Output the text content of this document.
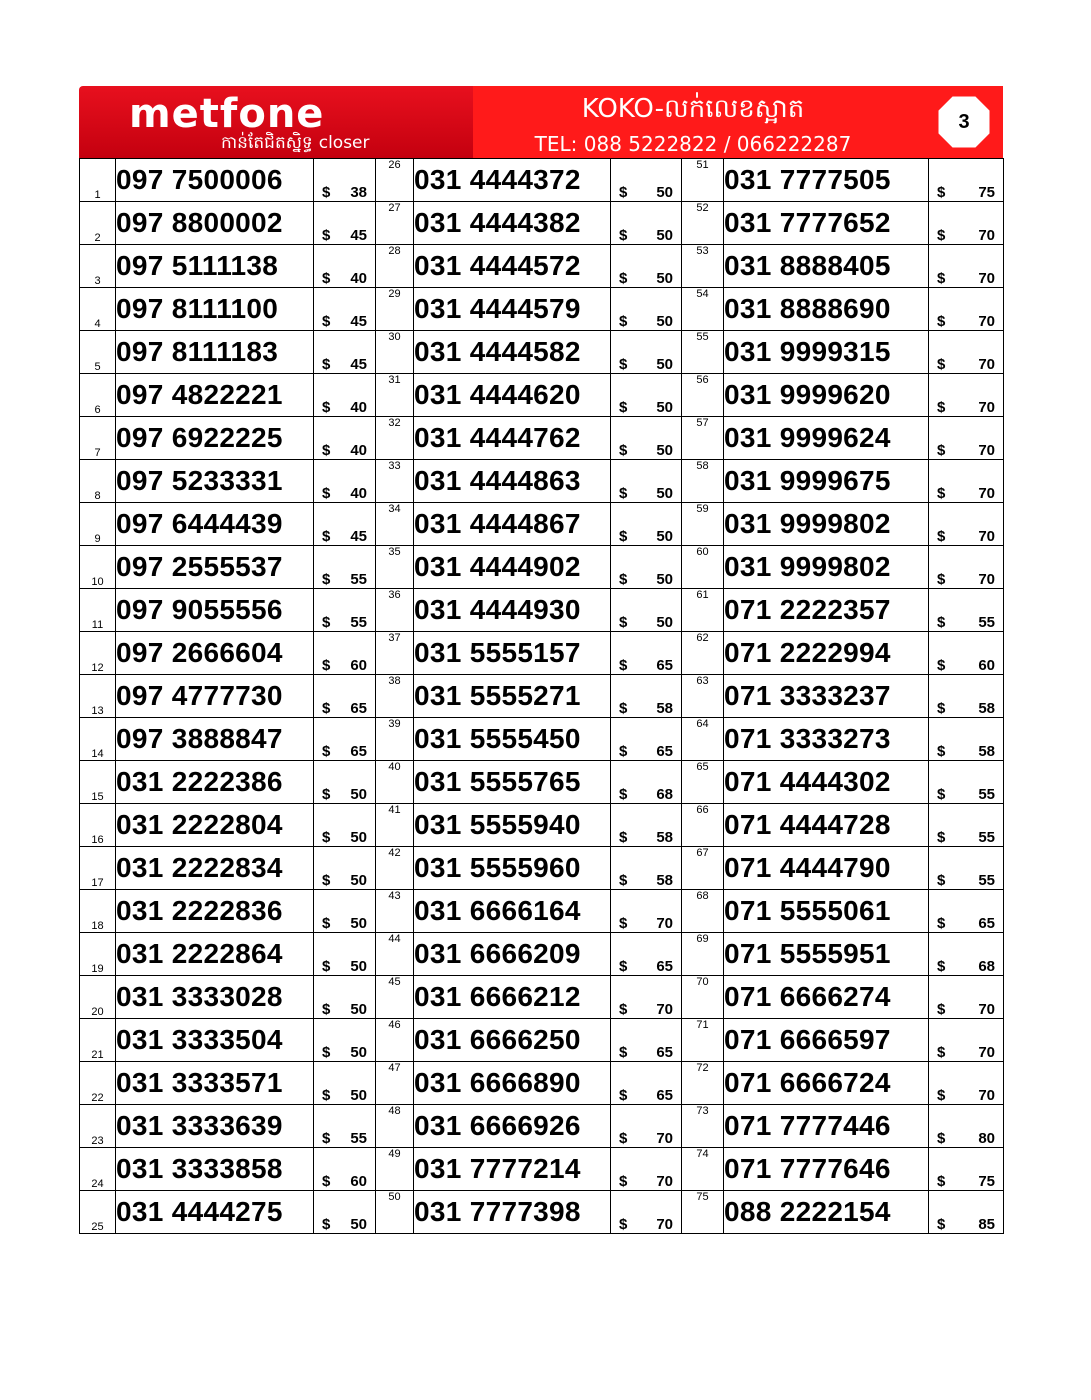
metfone
កាន់តែជិតស្និទ្ធ closer
KOKO-លក់លេខស្អាត
TEL: 088 5222822 / 066222287
3
1	097 7500006	$ 38	26	031 4444372	$ 50	51	031 7777505	$ 75

2	097 8800002	$ 45	27	031 4444382	$ 50	52	031 7777652	$ 70

3	097 5111138	$ 40	28	031 4444572	$ 50	53	031 8888405	$ 70

4	097 8111100	$ 45	29	031 4444579	$ 50	54	031 8888690	$ 70

5	097 8111183	$ 45	30	031 4444582	$ 50	55	031 9999315	$ 70

6	097 4822221	$ 40	31	031 4444620	$ 50	56	031 9999620	$ 70

7	097 6922225	$ 40	32	031 4444762	$ 50	57	031 9999624	$ 70

8	097 5233331	$ 40	33	031 4444863	$ 50	58	031 9999675	$ 70

9	097 6444439	$ 45	34	031 4444867	$ 50	59	031 9999802	$ 70

10	097 2555537	$ 55	35	031 4444902	$ 50	60	031 9999802	$ 70

11	097 9055556	$ 55	36	031 4444930	$ 50	61	071 2222357	$ 55

12	097 2666604	$ 60	37	031 5555157	$ 65	62	071 2222994	$ 60

13	097 4777730	$ 65	38	031 5555271	$ 58	63	071 3333237	$ 58

14	097 3888847	$ 65	39	031 5555450	$ 65	64	071 3333273	$ 58

15	031 2222386	$ 50	40	031 5555765	$ 68	65	071 4444302	$ 55

16	031 2222804	$ 50	41	031 5555940	$ 58	66	071 4444728	$ 55

17	031 2222834	$ 50	42	031 5555960	$ 58	67	071 4444790	$ 55

18	031 2222836	$ 50	43	031 6666164	$ 70	68	071 5555061	$ 65

19	031 2222864	$ 50	44	031 6666209	$ 65	69	071 5555951	$ 68

20	031 3333028	$ 50	45	031 6666212	$ 70	70	071 6666274	$ 70

21	031 3333504	$ 50	46	031 6666250	$ 65	71	071 6666597	$ 70

22	031 3333571	$ 50	47	031 6666890	$ 65	72	071 6666724	$ 70

23	031 3333639	$ 55	48	031 6666926	$ 70	73	071 7777446	$ 80

24	031 3333858	$ 60	49	031 7777214	$ 70	74	071 7777646	$ 75

25	031 4444275	$ 50	50	031 7777398	$ 70	75	088 2222154	$ 85
